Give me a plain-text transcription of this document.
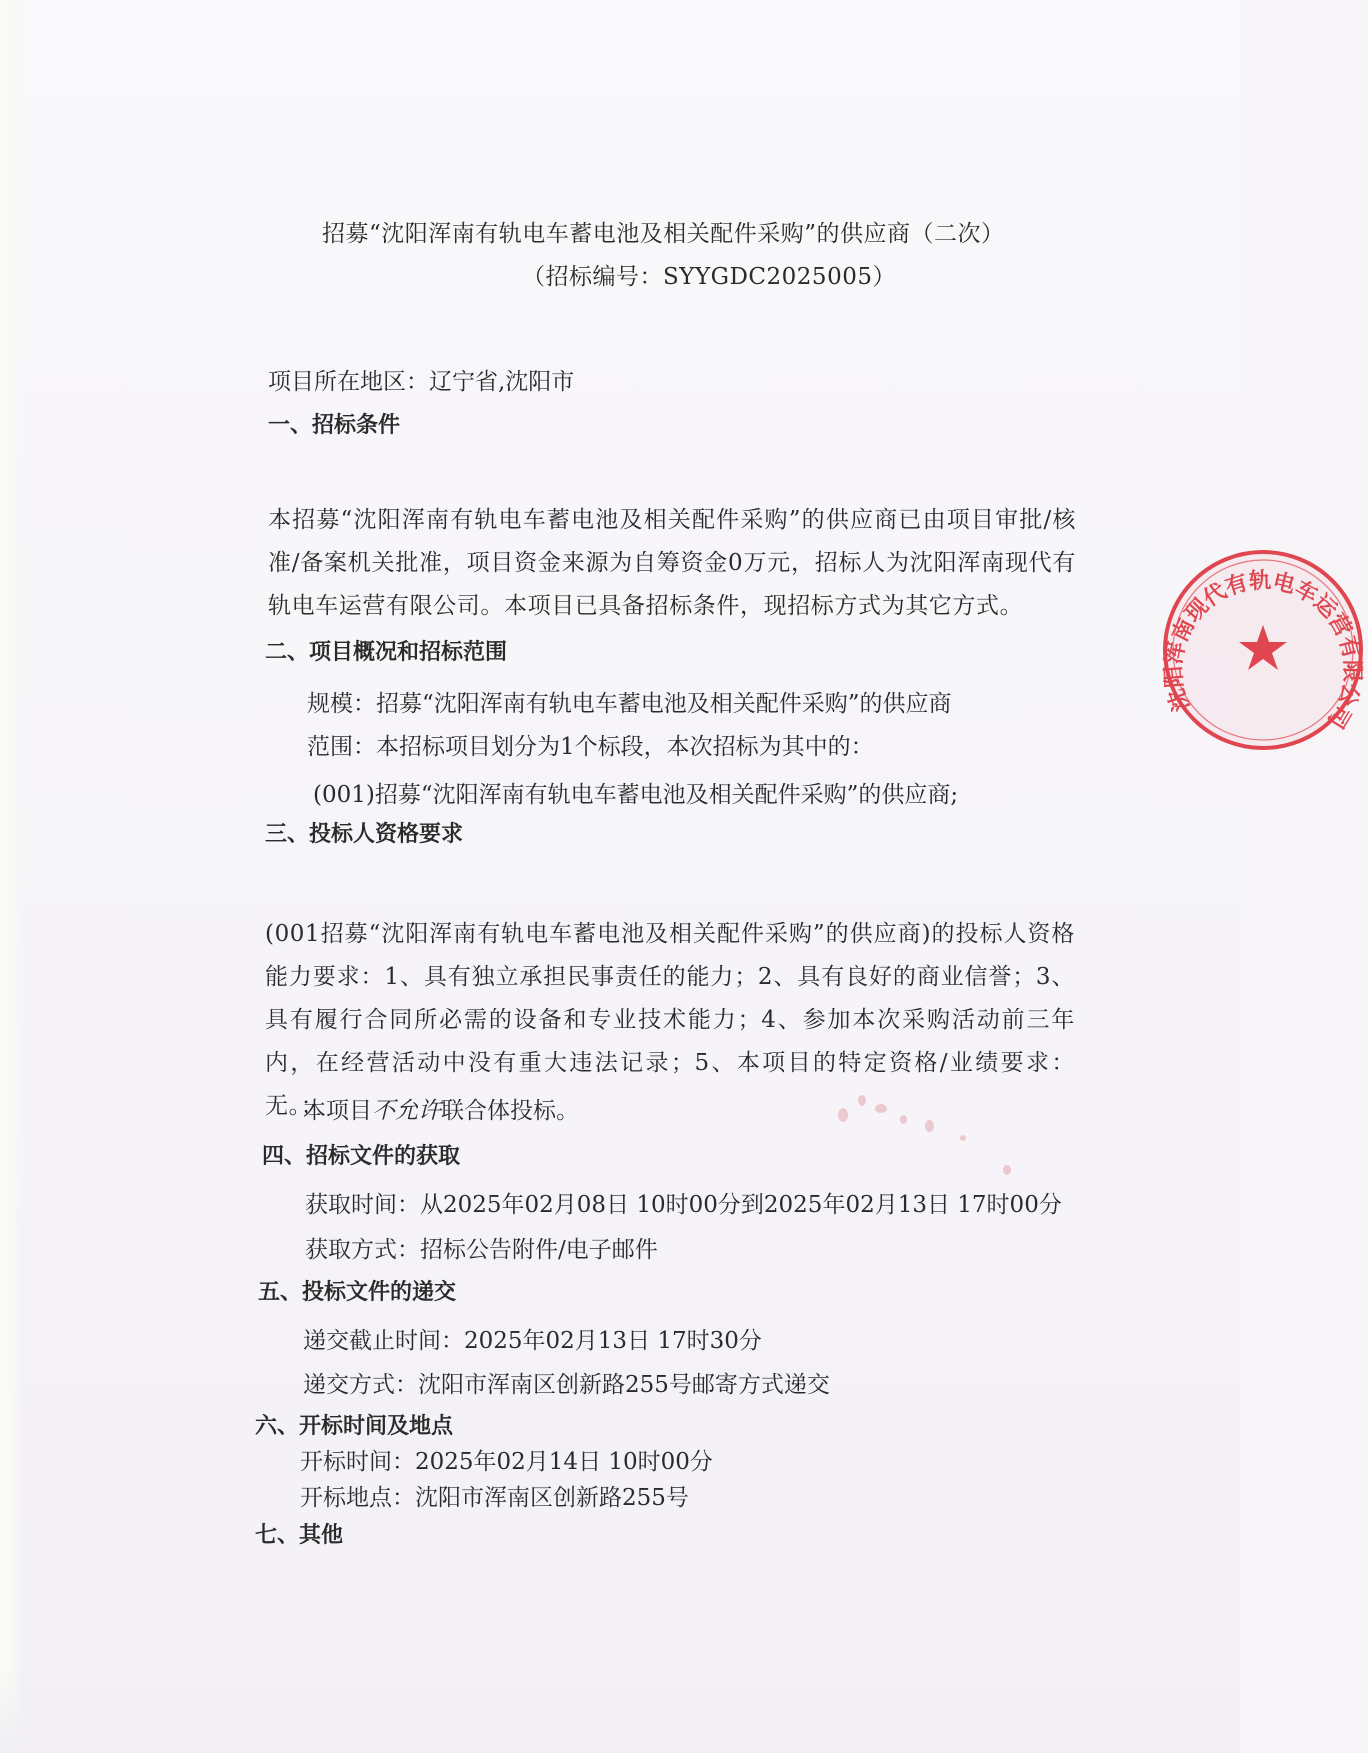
招募“沈阳浑南有轨电车蓄电池及相关配件采购”的供应商（二次）
（招标编号：SYYGDC2025005）
项目所在地区：辽宁省,沈阳市
一、招标条件
本招募“沈阳浑南有轨电车蓄电池及相关配件采购”的供应商已由项目审批/核准/备案机关批准，项目资金来源为自筹资金0万元，招标人为沈阳浑南现代有轨电车运营有限公司。本项目已具备招标条件，现招标方式为其它方式。
二、项目概况和招标范围
规模：招募“沈阳浑南有轨电车蓄电池及相关配件采购”的供应商
范围：本招标项目划分为1个标段，本次招标为其中的：
(001)招募“沈阳浑南有轨电车蓄电池及相关配件采购”的供应商;
三、投标人资格要求
(001招募“沈阳浑南有轨电车蓄电池及相关配件采购”的供应商)的投标人资格能力要求：1、具有独立承担民事责任的能力；2、具有良好的商业信誉；3、具有履行合同所必需的设备和专业技术能力；4、参加本次采购活动前三年内，在经营活动中没有重大违法记录；5、本项目的特定资格/业绩要求：无。；
本项目不允许联合体投标。
四、招标文件的获取
获取时间：从2025年02月08日 10时00分到2025年02月13日 17时00分
获取方式：招标公告附件/电子邮件
五、投标文件的递交
递交截止时间：2025年02月13日 17时30分
递交方式：沈阳市浑南区创新路255号邮寄方式递交
六、开标时间及地点
开标时间：2025年02月14日 10时00分
开标地点：沈阳市浑南区创新路255号
七、其他
沈阳浑南现代有轨电车运营有限公司
